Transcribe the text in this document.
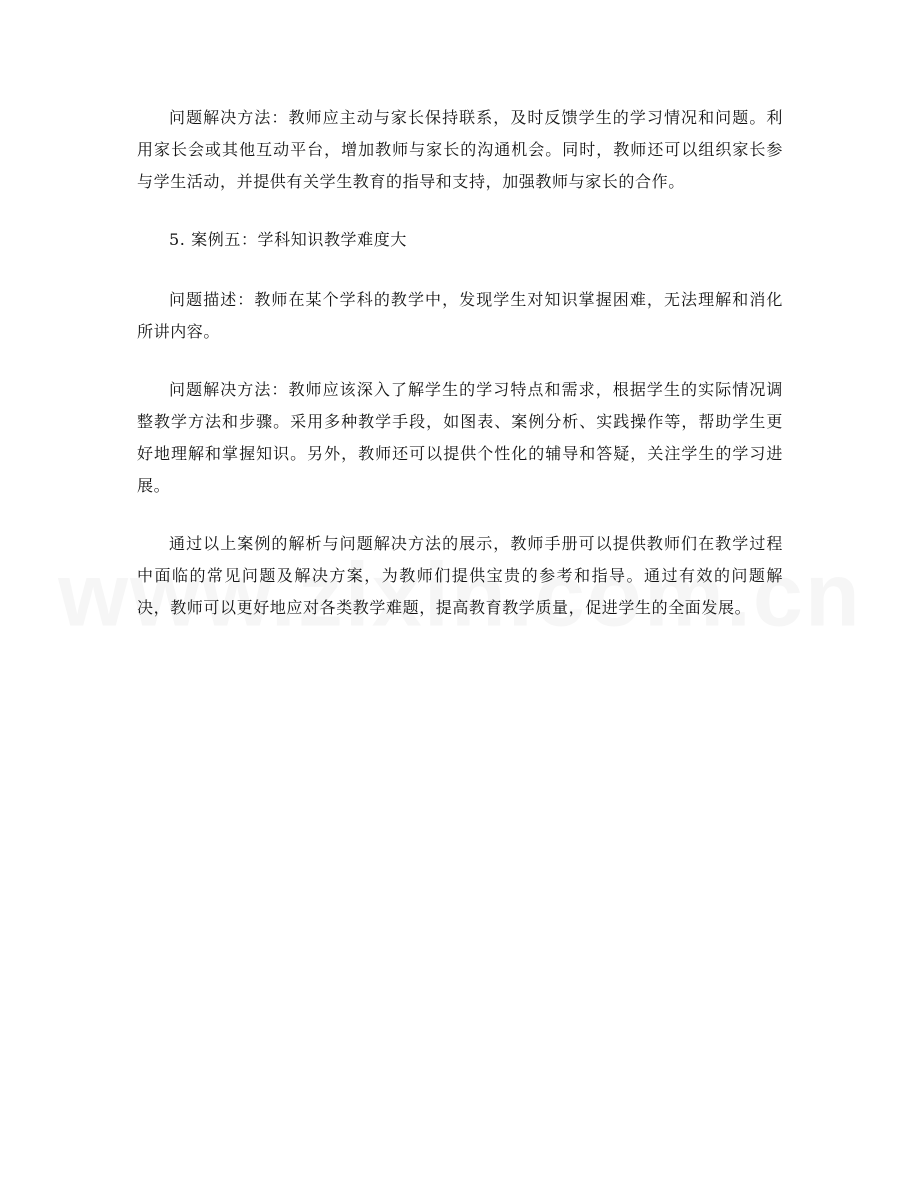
问题解决方法：教师应主动与家长保持联系，及时反馈学生的学习情况和问题。利用家长会或其他互动平台，增加教师与家长的沟通机会。同时，教师还可以组织家长参与学生活动，并提供有关学生教育的指导和支持，加强教师与家长的合作。

5. 案例五：学科知识教学难度大

问题描述：教师在某个学科的教学中，发现学生对知识掌握困难，无法理解和消化所讲内容。

问题解决方法：教师应该深入了解学生的学习特点和需求，根据学生的实际情况调整教学方法和步骤。采用多种教学手段，如图表、案例分析、实践操作等，帮助学生更好地理解和掌握知识。另外，教师还可以提供个性化的辅导和答疑，关注学生的学习进展。

通过以上案例的解析与问题解决方法的展示，教师手册可以提供教师们在教学过程中面临的常见问题及解决方案，为教师们提供宝贵的参考和指导。通过有效的问题解决，教师可以更好地应对各类教学难题，提高教育教学质量，促进学生的全面发展。
